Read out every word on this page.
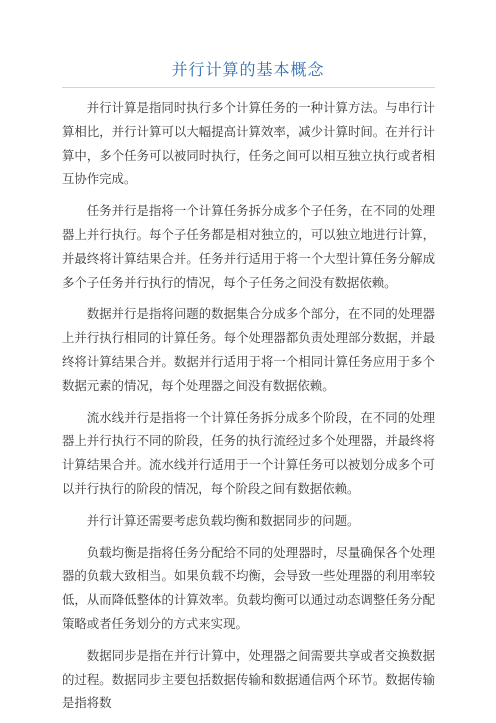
并行计算的基本概念

并行计算是指同时执行多个计算任务的一种计算方法。与串行计算相比，并行计算可以大幅提高计算效率，减少计算时间。在并行计算中，多个任务可以被同时执行，任务之间可以相互独立执行或者相互协作完成。

任务并行是指将一个计算任务拆分成多个子任务，在不同的处理器上并行执行。每个子任务都是相对独立的，可以独立地进行计算，并最终将计算结果合并。任务并行适用于将一个大型计算任务分解成多个子任务并行执行的情况，每个子任务之间没有数据依赖。

数据并行是指将问题的数据集合分成多个部分，在不同的处理器上并行执行相同的计算任务。每个处理器都负责处理部分数据，并最终将计算结果合并。数据并行适用于将一个相同计算任务应用于多个数据元素的情况，每个处理器之间没有数据依赖。

流水线并行是指将一个计算任务拆分成多个阶段，在不同的处理器上并行执行不同的阶段，任务的执行流经过多个处理器，并最终将计算结果合并。流水线并行适用于一个计算任务可以被划分成多个可以并行执行的阶段的情况，每个阶段之间有数据依赖。

并行计算还需要考虑负载均衡和数据同步的问题。

负载均衡是指将任务分配给不同的处理器时，尽量确保各个处理器的负载大致相当。如果负载不均衡，会导致一些处理器的利用率较低，从而降低整体的计算效率。负载均衡可以通过动态调整任务分配策略或者任务划分的方式来实现。

数据同步是指在并行计算中，处理器之间需要共享或者交换数据的过程。数据同步主要包括数据传输和数据通信两个环节。数据传输是指将数
